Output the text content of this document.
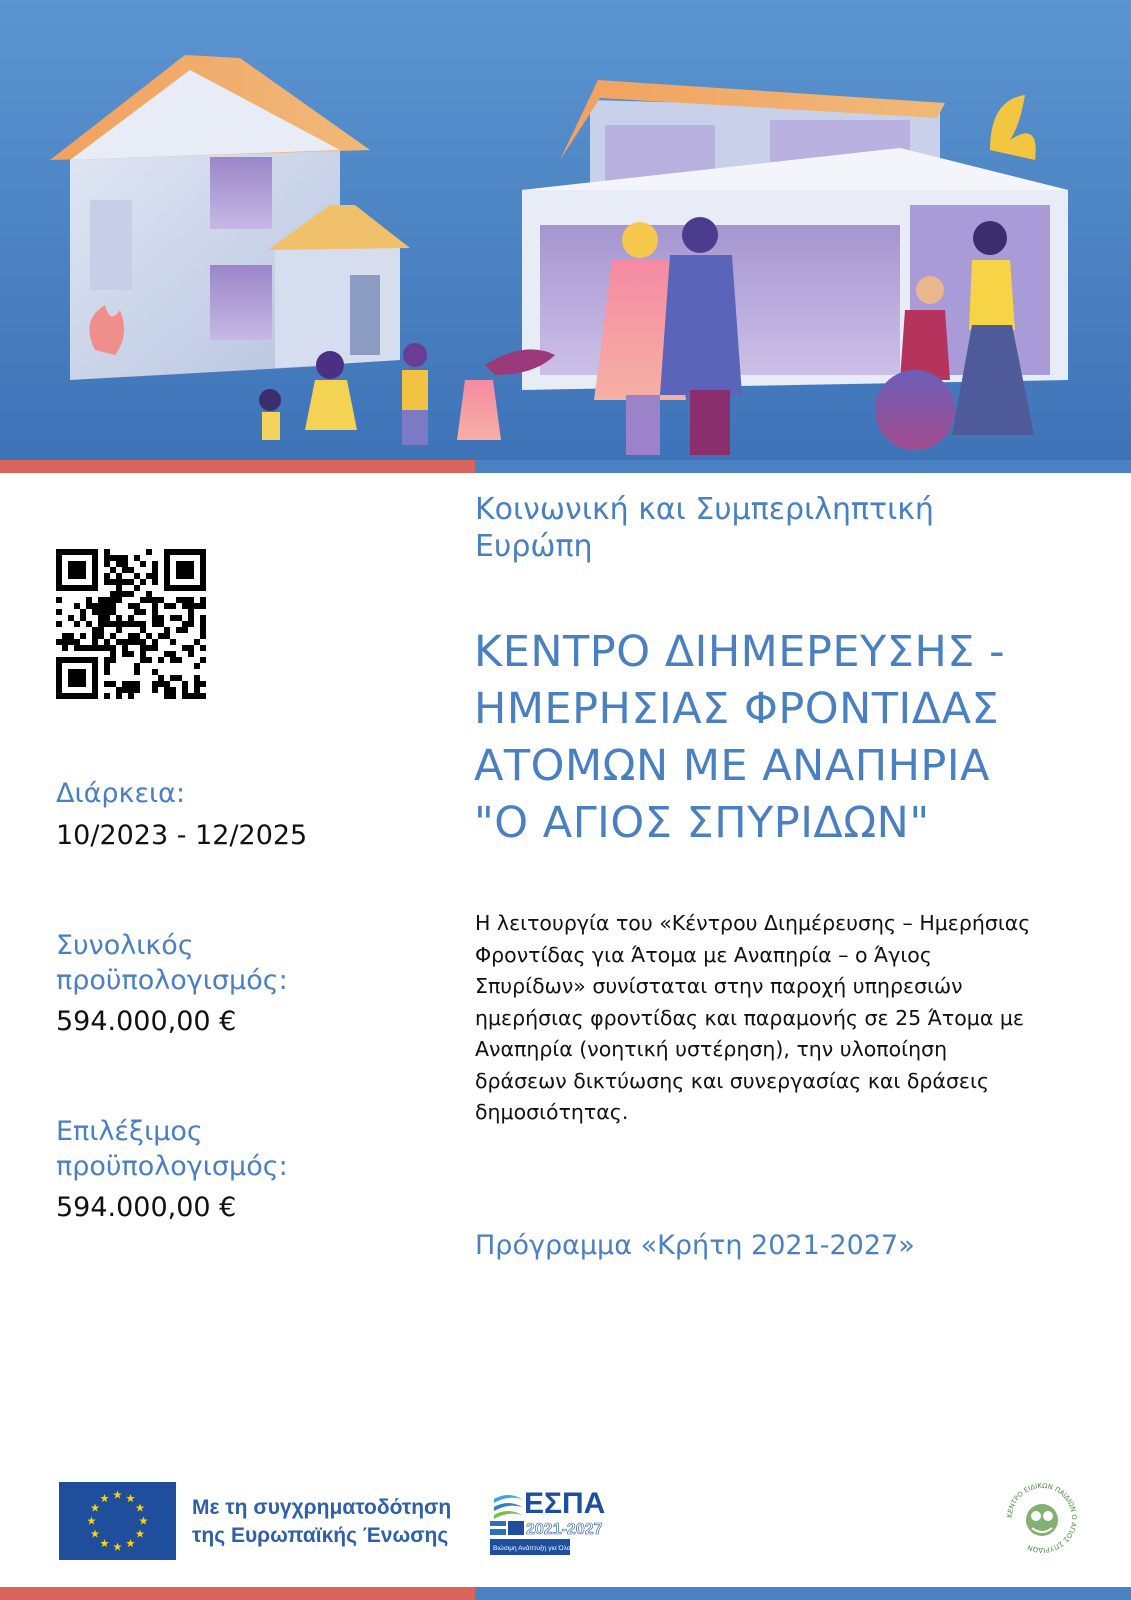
Διάρκεια:
10/2023 - 12/2025
Συνολικός
προϋπολογισμός:
594.000,00 €
Επιλέξιμος
προϋπολογισμός:
594.000,00 €
Κοινωνική και Συμπεριληπτική
Ευρώπη
ΚΕΝΤΡΟ ΔΙΗΜΕΡΕΥΣΗΣ -
ΗΜΕΡΗΣΙΑΣ ΦΡΟΝΤΙΔΑΣ
ΑΤΟΜΩΝ ΜΕ ΑΝΑΠΗΡΙΑ
"Ο ΑΓΙΟΣ ΣΠΥΡΙΔΩΝ"
Η λειτουργία του «Κέντρου Διημέρευσης – Ημερήσιας
Φροντίδας για Άτομα με Αναπηρία – ο Άγιος
Σπυρίδων» συνίσταται στην παροχή υπηρεσιών
ημερήσιας φροντίδας και παραμονής σε 25 Άτομα με
Αναπηρία (νοητική υστέρηση), την υλοποίηση
δράσεων δικτύωσης και συνεργασίας και δράσεις
δημοσιότητας.
Πρόγραμμα «Κρήτη 2021-2027»
Με τη συγχρηματοδότηση
της Ευρωπαϊκής Ένωσης
ΕΣΠΑ
2021-2027
Βιώσιμη Ανάπτυξη για Όλους
ΚΕΝΤΡΟ ΕΙΔΙΚΩΝ ΠΑΙΔΙΩΝ Ο ΑΓΙΟΣ ΣΠΥΡΙΔΩΝ
